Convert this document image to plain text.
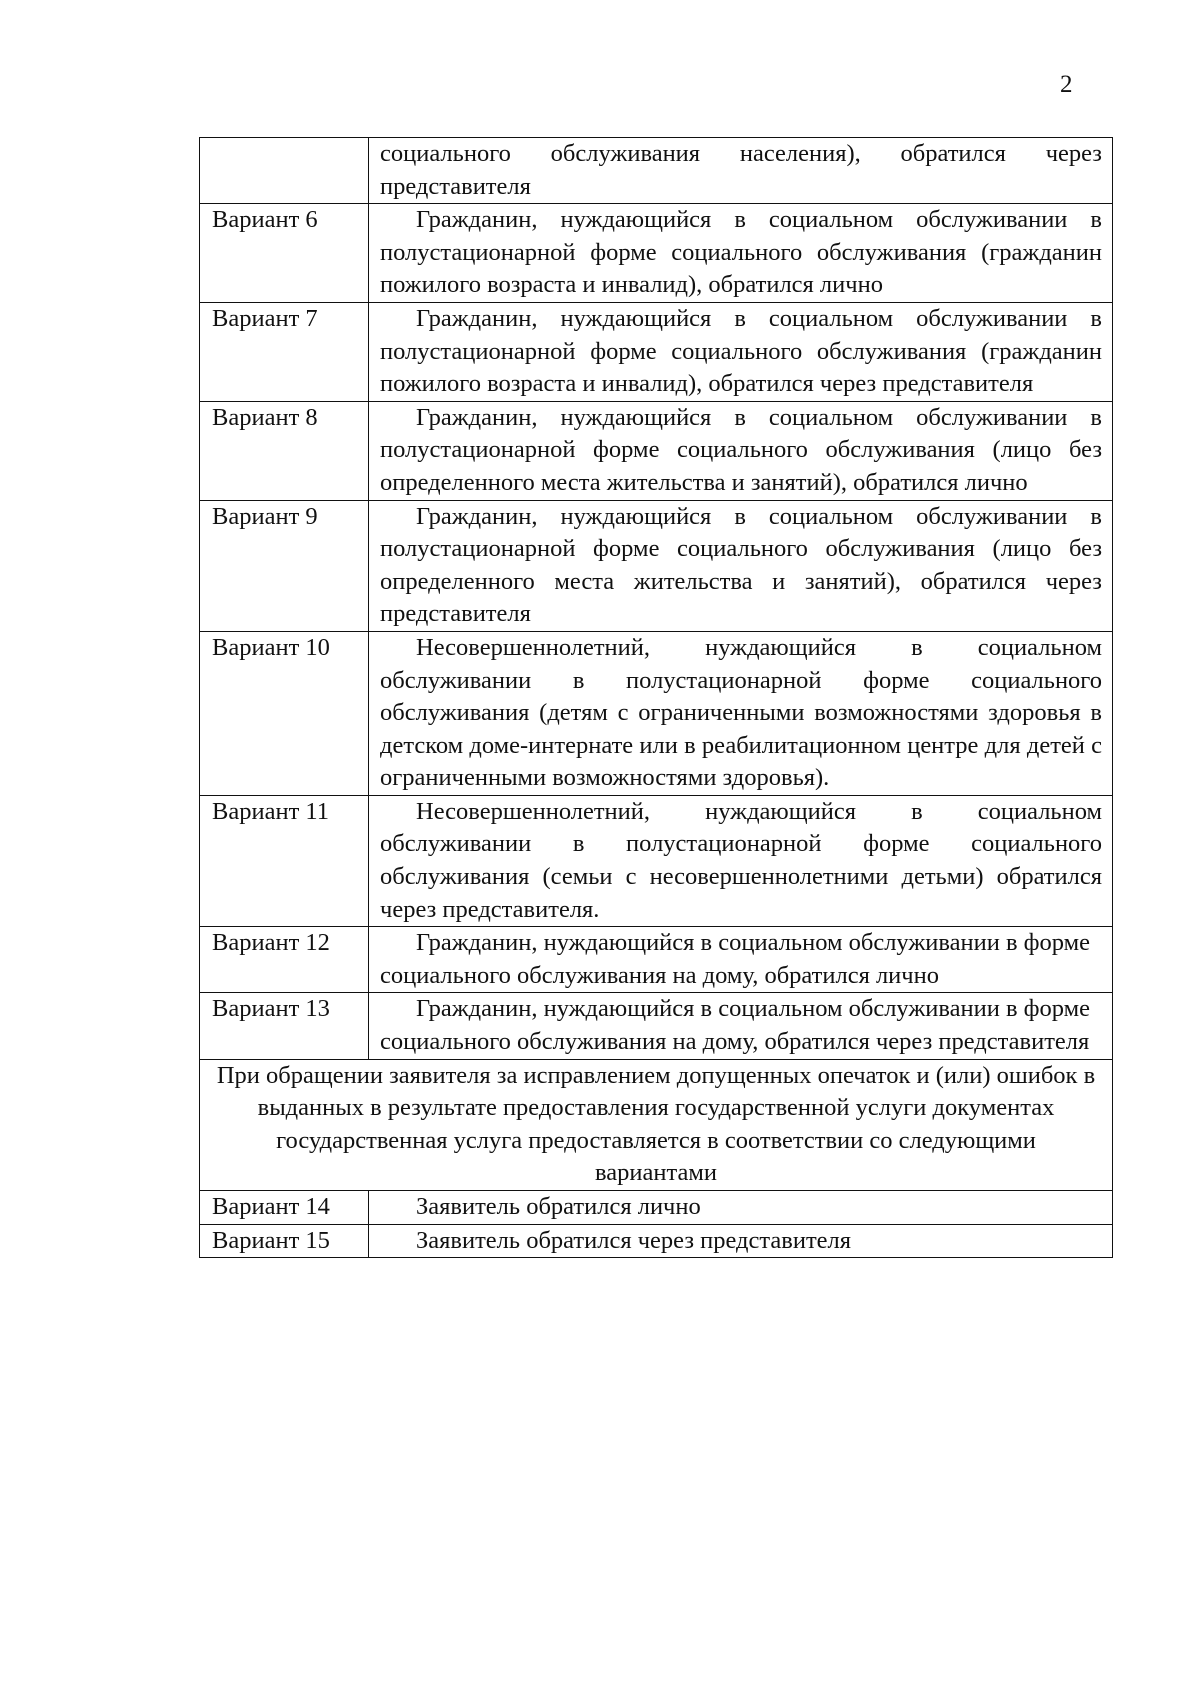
2

	социального обслуживания населения), обратился через представителя

Вариант 6	Гражданин, нуждающийся в социальном обслуживании в полустационарной форме социального обслуживания (гражданин пожилого возраста и инвалид), обратился лично

Вариант 7	Гражданин, нуждающийся в социальном обслуживании в полустационарной форме социального обслуживания (гражданин пожилого возраста и инвалид), обратился через представителя

Вариант 8	Гражданин, нуждающийся в социальном обслуживании в полустационарной форме социального обслуживания (лицо без определенного места жительства и занятий), обратился лично

Вариант 9	Гражданин, нуждающийся в социальном обслуживании в полустационарной форме социального обслуживания (лицо без определенного места жительства и занятий), обратился через представителя

Вариант 10	Несовершеннолетний, нуждающийся в социальном обслуживании в полустационарной форме социального обслуживания (детям с ограниченными возможностями здоровья в детском доме-интернате или в реабилитационном центре для детей с ограниченными возможностями здоровья).

Вариант 11	Несовершеннолетний, нуждающийся в социальном обслуживании в полустационарной форме социального обслуживания (семьи с несовершеннолетними детьми) обратился через представителя.

Вариант 12	Гражданин, нуждающийся в социальном обслуживании в форме социального обслуживания на дому, обратился лично

Вариант 13	Гражданин, нуждающийся в социальном обслуживании в форме социального обслуживания на дому, обратился через представителя

При обращении заявителя за исправлением допущенных опечаток и (или) ошибок в выданных в результате предоставления государственной услуги документах государственная услуга предоставляется в соответствии со следующими вариантами	
Вариант 14	Заявитель обратился лично

Вариант 15	Заявитель обратился через представителя
